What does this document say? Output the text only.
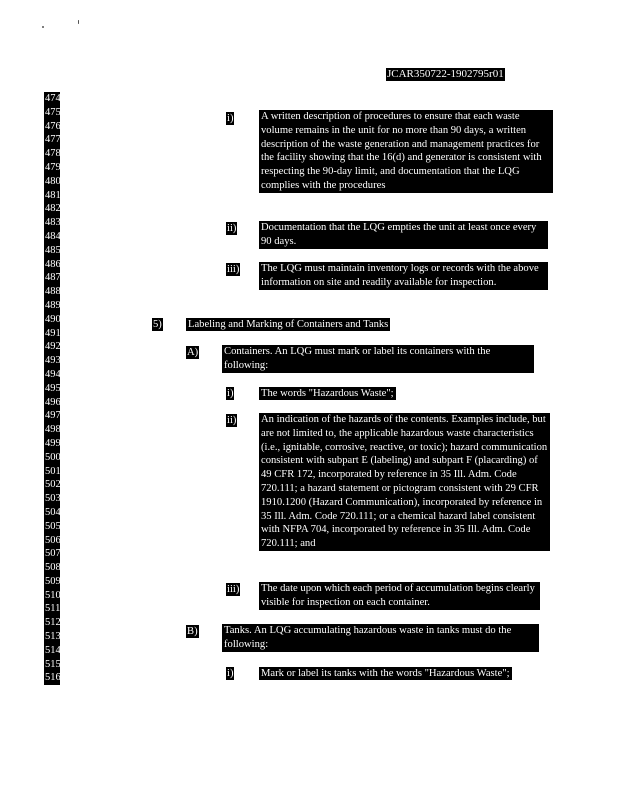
JCAR350722-1902795r01
474
475
476
477
478
479
480
481
482
483
484
485
486
487
488
489
490
491
492
493
494
495
496
497
498
499
500
501
502
503
504
505
506
507
508
509
510
511
512
513
514
515
516
i)	A written description of procedures to ensure that each waste volume remains in the unit for no more than 90 days, a written description of the waste generation and management practices for the facility showing that the 16(d) and generator is consistent with respecting the 90-day limit, and documentation that the LQG complies with the procedures
ii) Documentation that the LQG empties the unit at least once every 90 days.
iii) The LQG must maintain inventory logs or records with the above information on site and readily available for inspection.
5) Labeling and Marking of Containers and Tanks
A) Containers. An LQG must mark or label its containers with the following:
i)	The words "Hazardous Waste";
ii) An indication of the hazards of the contents. Examples include, but are not limited to, the applicable hazardous waste characteristics (i.e., ignitable, corrosive, reactive, or toxic); hazard communication consistent with subpart E (labeling) and subpart F (placarding) of 49 CFR 172, incorporated by reference in 35 Ill. Adm. Code 720.111; a hazard statement or pictogram consistent with 29 CFR 1910.1200 (Hazard Communication), incorporated by reference in 35 Ill. Adm. Code 720.111; or a chemical hazard label consistent with NFPA 704, incorporated by reference in 35 Ill. Adm. Code 720.111; and
iii) The date upon which each period of accumulation begins clearly visible for inspection on each container.
B) Tanks. An LQG accumulating hazardous waste in tanks must do the following:
i)	Mark or label its tanks with the words "Hazardous Waste";
